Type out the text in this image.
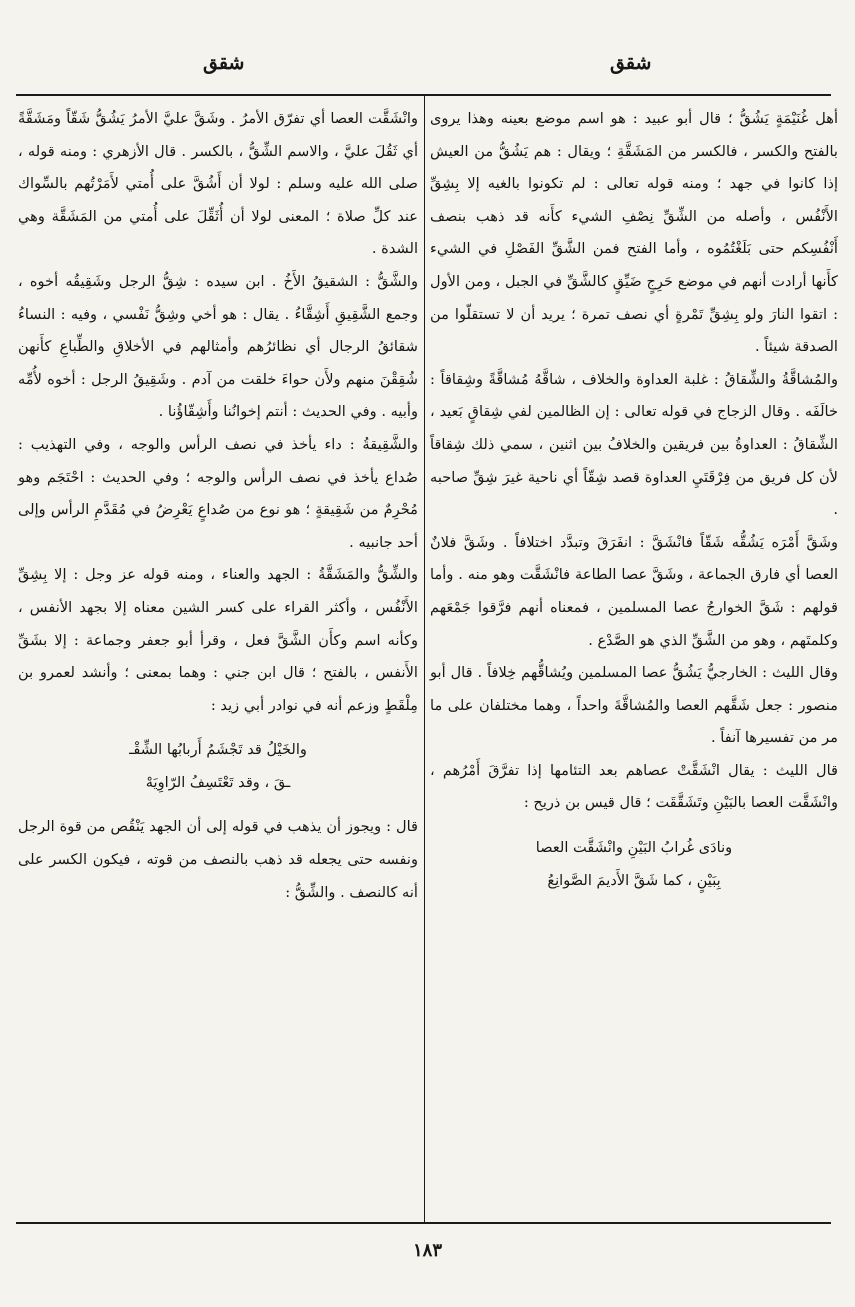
شقق	شقق

أهل غُنَيْمَةٍ يَشُقُّ ؛ قال أبو عبيد : هو اسم موضع بعينه وهذا يروى بالفتح والكسر ، فالكسر من المَشَقَّةِ ؛ ويقال : هم يَشُقُّ من العيش إذا كانوا في جهد ؛ ومنه قوله تعالى : لم تكونوا بالغيه إلا بِشِقِّ الأَنْفُس ، وأصله من الشِّقِّ نِصْفِ الشيء كأَنه قد ذهب بنصف أَنْفُسِكم حتى بَلَغْتُمُوه ، وأما الفتح فمن الشَّقِّ الفَصْلِ في الشيء كأَنها أرادت أنهم في موضع حَرِجٍ ضَيِّقٍ كالشَّقِّ في الجبل ، ومن الأول : اتقوا النارَ ولو بِشِقِّ تَمْرةٍ أي نصف تمرة ؛ يريد أن لا تستقلّوا من الصدقة شيئاً .

والمُشاقَّةُ والشِّقاقُ : غلبة العداوة والخلاف ، شاقَّهُ مُشاقَّةً وشِقاقاً : خالَفَه . وقال الزجاج في قوله تعالى : إن الظالمين لفي شِقاقٍ بَعيد ، الشِّقاقُ : العداوةُ بين فريقين والخلافُ بين اثنين ، سمي ذلك شِقاقاً لأن كل فريق من فِرْقَتَيِ العداوة قصد شِقّاً أي ناحية غيرَ شِقِّ صاحبه .

وشَقَّ أَمْرَه يَشُقُّه شَقّاً فانْشَقَّ : انفَرَقَ وتبدَّد اختلافاً . وشَقَّ فلانٌ العصا أي فارق الجماعة ، وشَقَّ عصا الطاعة فانْشَقَّت وهو منه . وأما قولهم : شَقَّ الخوارجُ عصا المسلمين ، فمعناه أنهم فرَّقوا جَمْعَهم وكلمتَهم ، وهو من الشَّقِّ الذي هو الصَّدْع .

وقال الليث : الخارجيُّ يَشُقُّ عصا المسلمين ويُشاقُّهم خِلافاً . قال أبو منصور : جعل شَقَّهم العصا والمُشاقَّةَ واحداً ، وهما مختلفان على ما مر من تفسيرها آنفاً .

قال الليث : يقال انْشَقَّتْ عصاهم بعد التئامها إذا تفرَّقَ أَمْرُهم ، وانْشَقَّت العصا بالبَيْنِ وتَشَقَّقَت ؛ قال قيس بن ذريح :

ونادَى غُرابُ البَيْنِ وانْشَقَّت العصا
بِبَيْنٍ ، كما شَقَّ الأَديمَ الصَّوانِعُ

وانْشَقَّت العصا أي تفرّق الأمرُ . وشَقَّ عليَّ الأمرُ يَشُقُّ شَقّاً ومَشَقَّةً أي ثَقُلَ عليَّ ، والاسم الشِّقُّ ، بالكسر . قال الأزهري : ومنه قوله ، صلى الله عليه وسلم : لولا أن أَشُقَّ على أُمتي لأَمَرْتُهم بالسِّواك عند كلِّ صلاة ؛ المعنى لولا أن أُثَقِّلَ على أُمتي من المَشَقَّة وهي الشدة .

والشَّقُّ : الشقيقُ الأَخُ . ابن سيده : شِقُّ الرجل وشَقِيقُه أخوه ، وجمع الشَّقِيقِ أَشِقَّاءُ . يقال : هو أخي وشِقُّ نَفْسي ، وفيه : النساءُ شقائقُ الرجال أي نظائرُهم وأمثالهم في الأخلاقِ والطِّباعِ كأَنهن شُقِقْنَ منهم ولأَن حواءَ خلقت من آدم . وشَقِيقُ الرجل : أخوه لأُمِّه وأبيه . وفي الحديث : أنتم إخوانُنا وأَشِقّاؤُنا .

والشَّقِيقةُ : داء يأخذ في نصف الرأس والوجه ، وفي التهذيب : صُداع يأخذ في نصف الرأس والوجه ؛ وفي الحديث : احْتَجَم وهو مُحْرِمٌ من شَقِيقةٍ ؛ هو نوع من صُداعٍ يَعْرِضُ في مُقَدَّمِ الرأس وإلى أحد جانبيه .

والشِّقُّ والمَشَقَّةُ : الجهد والعناء ، ومنه قوله عز وجل : إلا بِشِقِّ الأَنْفُس ، وأكثر القراء على كسر الشين معناه إلا بجهد الأنفس ، وكأنه اسم وكأَن الشَّقَّ فعل ، وقرأ أبو جعفر وجماعة : إلا بشَقِّ الأَنفس ، بالفتح ؛ قال ابن جني : وهما بمعنى ؛ وأنشد لعمرو بن مِلْقَطٍ وزعم أنه في نوادر أبي زيد :

والخَيْلُ قد تَجْشَمُ أَربابُها الشِّقْـ
ـقَ ، وقد تَعْتَسِفُ الرّاوِيَهْ

قال : ويجوز أن يذهب في قوله إلى أن الجهد يَنْقُص من قوة الرجل ونفسه حتى يجعله قد ذهب بالنصف من قوته ، فيكون الكسر على أنه كالنصف . والشِّقُّ :

١٨٣
